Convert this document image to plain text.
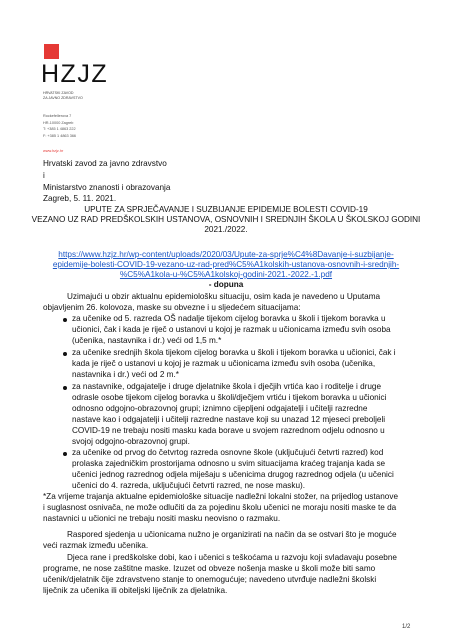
HZJZ
HRVATSKI ZAVOD
ZA JAVNO ZDRAVSTVO
Rockefellerova 7
HR-10000 Zagreb
T: +385 1 4863 222
F: +385 1 4863 366
www.hzjz.hr
Hrvatski zavod za javno zdravstvo
i
Ministarstvo znanosti i obrazovanja
Zagreb, 5. 11. 2021.
UPUTE ZA SPRJEČAVANJE I SUZBIJANJE EPIDEMIJE BOLESTI COVID-19
VEZANO UZ RAD PREDŠKOLSKIH USTANOVA, OSNOVNIH I SREDNJIH ŠKOLA U ŠKOLSKOJ GODINI
2021./2022.
https://www.hzjz.hr/wp-content/uploads/2020/03/Upute-za-sprje%C4%8Davanje-i-suzbijanje-
epidemije-bolesti-COVID-19-vezano-uz-rad-pred%C5%A1kolskih-ustanova-osnovnih-i-srednjih-
%C5%A1kola-u-%C5%A1kolskoj-godini-2021.-2022.-1.pdf
- dopuna
Uzimajući u obzir aktualnu epidemiološku situaciju, osim kada je navedeno u Uputama
objavljenim 26. kolovoza, maske su obvezne i u sljedećem situacijama:
za učenike od 5. razreda OŠ nadalje tijekom cijelog boravka u školi i tijekom boravka u
učionici, čak i kada je riječ o ustanovi u kojoj je razmak u učionicama između svih osoba
(učenika, nastavnika i dr.) veći od 1,5 m.*
za učenike srednjih škola tijekom cijelog boravka u školi i tijekom boravka u učionici, čak i
kada je riječ o ustanovi u kojoj je razmak u učionicama između svih osoba (učenika,
nastavnika i dr.) veći od 2 m.*
za nastavnike, odgajatelje i druge djelatnike škola i dječjih vrtića kao i roditelje i druge
odrasle osobe tijekom cijelog boravka u školi/dječjem vrtiću i tijekom boravka u učionici
odnosno odgojno-obrazovnoj grupi; iznimno cijepljeni odgajatelji i učitelji razredne
nastave kao i odgajatelji i učitelji razredne nastave koji su unazad 12 mjeseci preboljeli
COVID-19 ne trebaju nositi masku kada borave u svojem razrednom odjelu odnosno u
svojoj odgojno-obrazovnoj grupi.
za učenike od prvog do četvrtog razreda osnovne škole (uključujući četvrti razred) kod
prolaska zajedničkim prostorijama odnosno u svim situacijama kraćeg trajanja kada se
učenici jednog razrednog odjela miješaju s učenicima drugog razrednog odjela (u učenici
učenici do 4. razreda, uključujući četvrti razred, ne nose masku).
*Za vrijeme trajanja aktualne epidemiološke situacije nadležni lokalni stožer, na prijedlog ustanove
i suglasnost osnivača, ne može odlučiti da za pojedinu školu učenici ne moraju nositi maske te da
nastavnici u učionici ne trebaju nositi masku neovisno o razmaku.
Raspored sjedenja u učionicama nužno je organizirati na način da se ostvari što je moguće
veći razmak između učenika.
Djeca rane i predškolske dobi, kao i učenici s teškoćama u razvoju koji svladavaju posebne
programe, ne nose zaštitne maske. Izuzet od obveze nošenja maske u školi može biti samo
učenik/djelatnik čije zdravstveno stanje to onemogućuje; navedeno utvrđuje nadležni školski
liječnik za učenika ili obiteljski liječnik za djelatnika.
1/2
